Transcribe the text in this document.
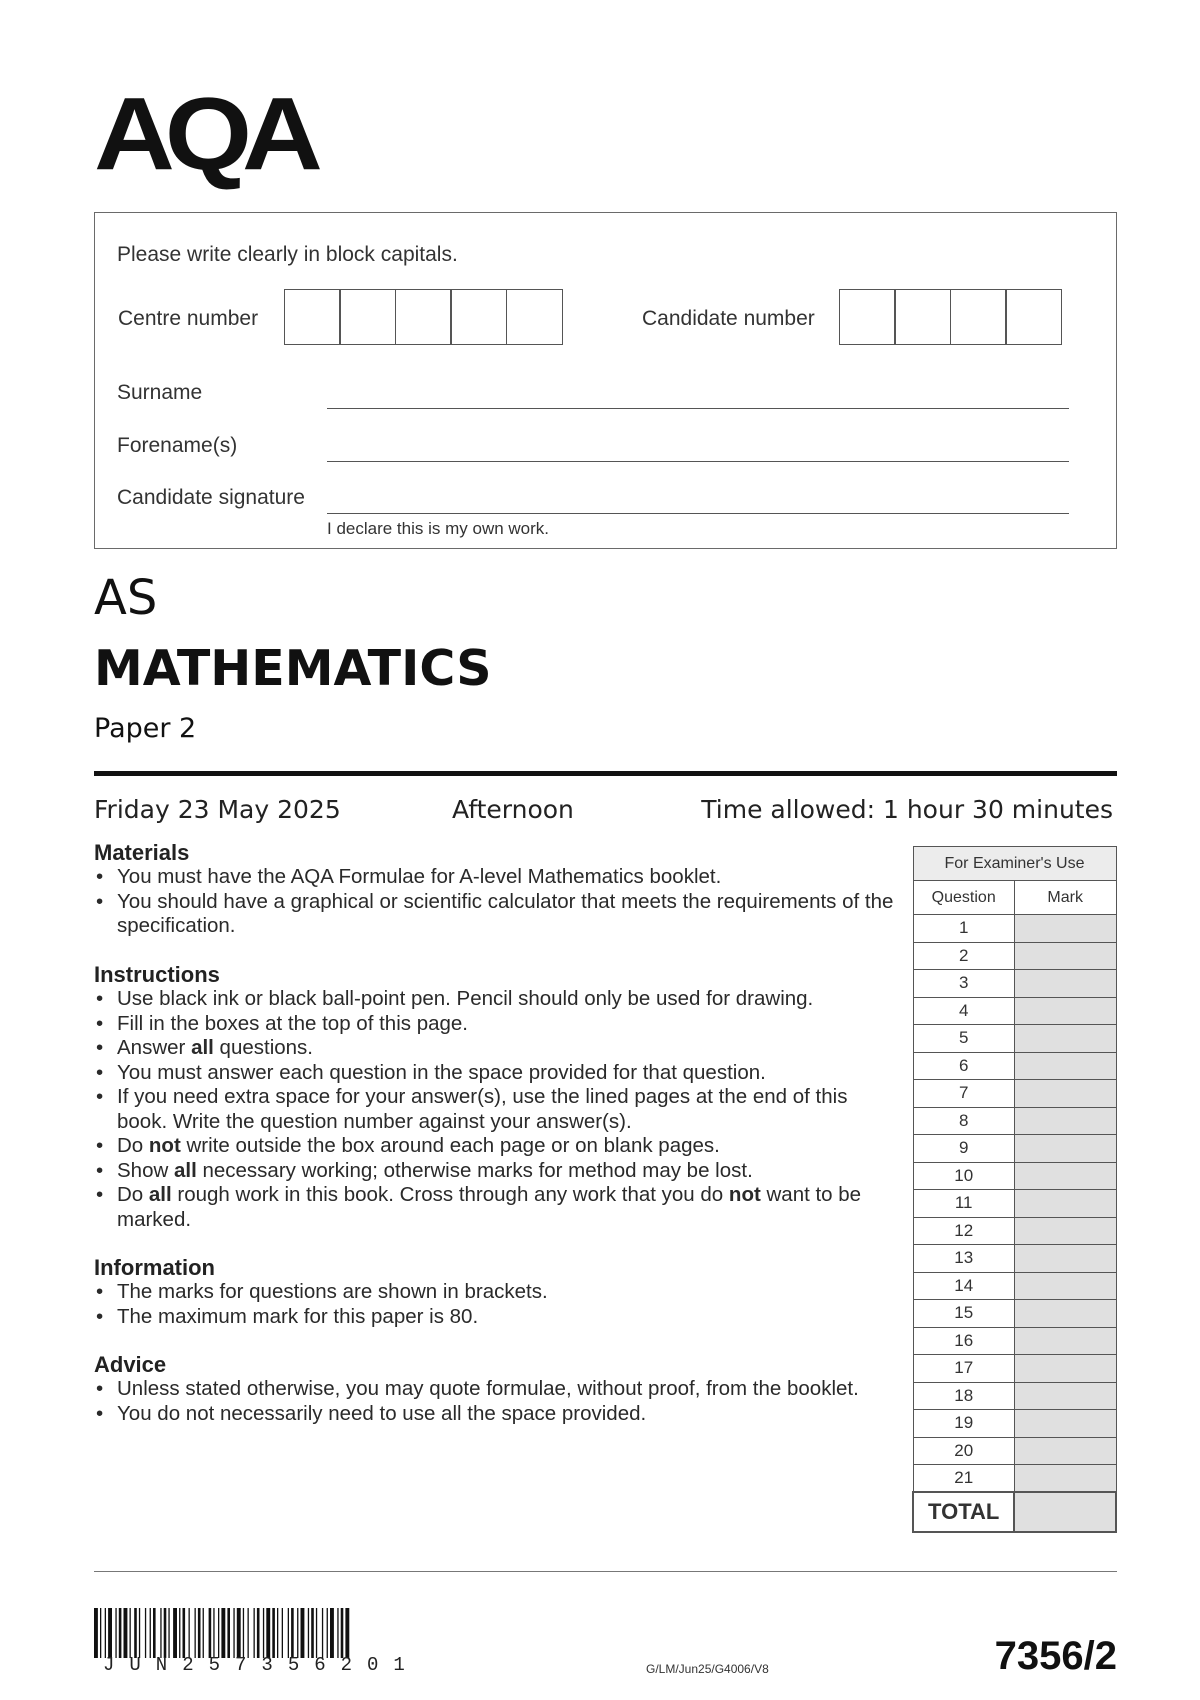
AQA
Please write clearly in block capitals.
Centre number	Candidate number
Surname
Forename(s)
Candidate signature
I declare this is my own work.
AS
MATHEMATICS
Paper 2
Friday 23 May 2025	Afternoon	Time allowed: 1 hour 30 minutes
Materials
• You must have the AQA Formulae for A-level Mathematics booklet.
• You should have a graphical or scientific calculator that meets the requirements of the specification.
Instructions
• Use black ink or black ball-point pen. Pencil should only be used for drawing.
• Fill in the boxes at the top of this page.
• Answer all questions.
• You must answer each question in the space provided for that question.
• If you need extra space for your answer(s), use the lined pages at the end of this book. Write the question number against your answer(s).
• Do not write outside the box around each page or on blank pages.
• Show all necessary working; otherwise marks for method may be lost.
• Do all rough work in this book. Cross through any work that you do not want to be marked.
Information
• The marks for questions are shown in brackets.
• The maximum mark for this paper is 80.
Advice
• Unless stated otherwise, you may quote formulae, without proof, from the booklet.
• You do not necessarily need to use all the space provided.
For Examiner's Use	
Question	Mark
1	
2	
3	
4	
5	
6	
7	
8	
9	
10	
11	
12	
13	
14	
15	
16	
17	
18	
19	
20	
21	
TOTAL	
JUN257356201	G/LM/Jun25/G4006/V8	7356/2
